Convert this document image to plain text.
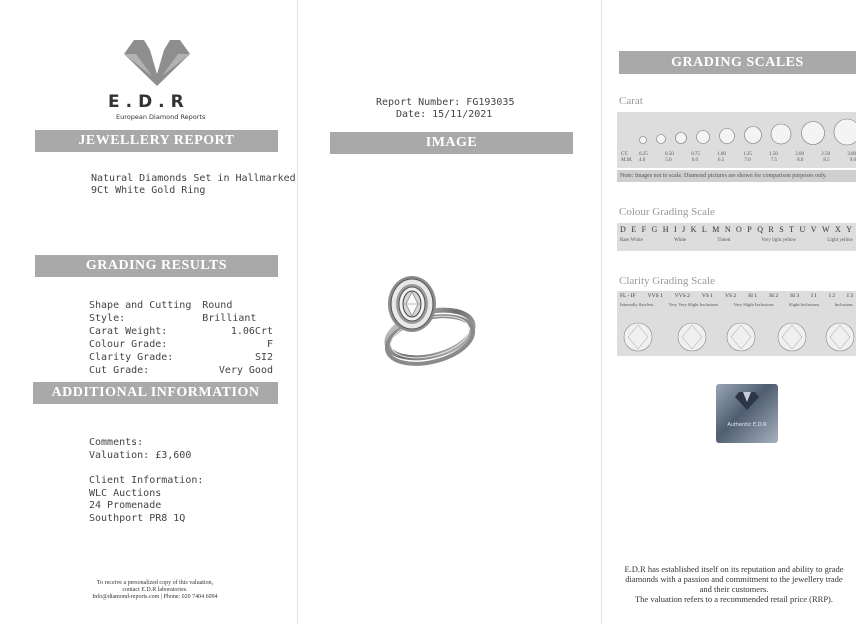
E.D.R
European Diamond Reports
JEWELLERY REPORT
Natural Diamonds Set in Hallmarked
9Ct White Gold Ring
GRADING RESULTS
Shape and Cutting Style:
Round Brilliant
Carat Weight:	1.06Crt
Colour Grade:	F
Clarity Grade:	SI2
Cut Grade:	Very Good
ADDITIONAL INFORMATION
Comments:
Valuation: £3,600
Client Information:
WLC Auctions
24 Promenade
Southport PR8 1Q
To receive a personalized copy of this valuation,
contact E.D.R laboratories.
Info@diamond-reports.com | Phone: 020 7404 6094
Report Number: FG193035
Date: 15/11/2021
IMAGE
GRADING SCALES
Carat
CT.
M.M.
0.25	0.50	0.75	1.00	1.25	1.50	2.00	2.50	3.00
4.0	5.0	6.0	6.5	7.0	7.5	8.0	8.5	9.0
Note: Images not to scale. Diamond pictures are shown for comparison purposes only.
Colour Grading Scale
D E F G H I J K L M N O P Q R S T U V W X Y
Rare White	White	Tinted	Very light yellow	Light yellow
Clarity Grading Scale
FL - IF VVS 1 VVS 2 VS 1 VS 2 SI 1 SI 2 SI 3 I 1 I 2 I 3
Internally flawless	Very Very Slight Inclusions	Very Slight Inclusions	Slight Inclusions	Inclusions
Authentic E.D.R
E.D.R has established itself on its reputation and ability to grade
diamonds with a passion and commitment to the jewellery trade
and their customers.
The valuation refers to a recommended retail price (RRP).
